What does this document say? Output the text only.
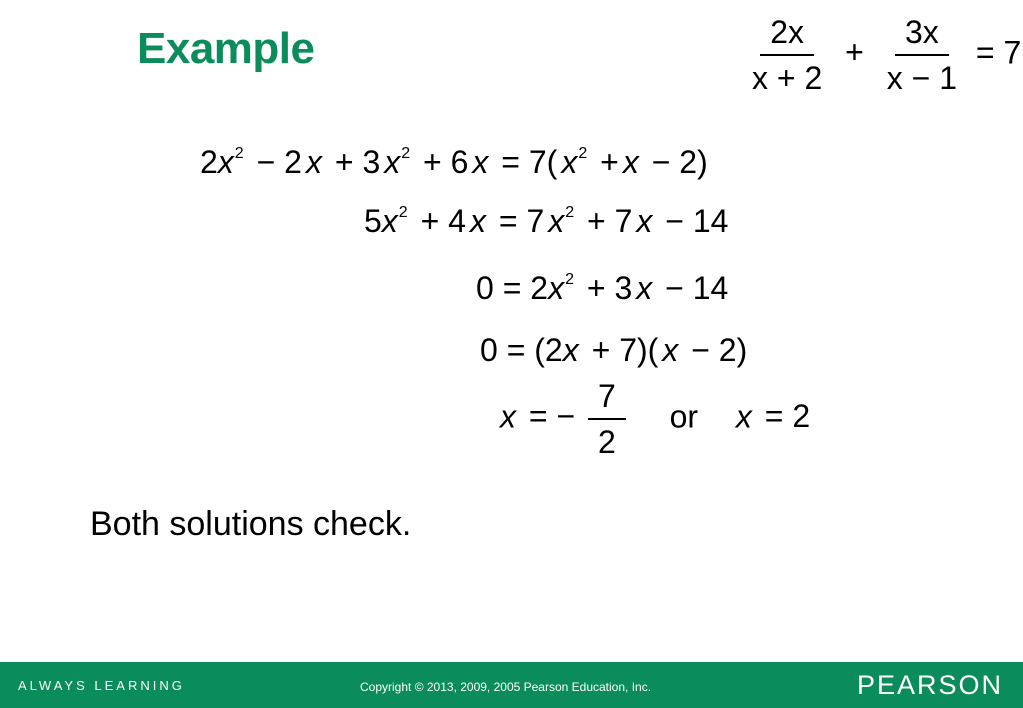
Example	$\frac{2x}{x + 2} + \frac{3x}{x - 1} = 7$
$2x^2 - 2$ x + 3 $x^2 + 6$ x = 7( $x^2 + x - 2$)
$5x^2 + 4$ x = 7 $x^2 + 7$ x − 14
$0 = 2x^2 + 3$ x − 14
0 = (2x + 7)( x − 2)
x = − $\frac{7}{2}$ or x = 2
Both solutions check.
ALWAYS LEARNING	Copyright © 2013, 2009, 2005 Pearson Education, Inc.	PEARSON
